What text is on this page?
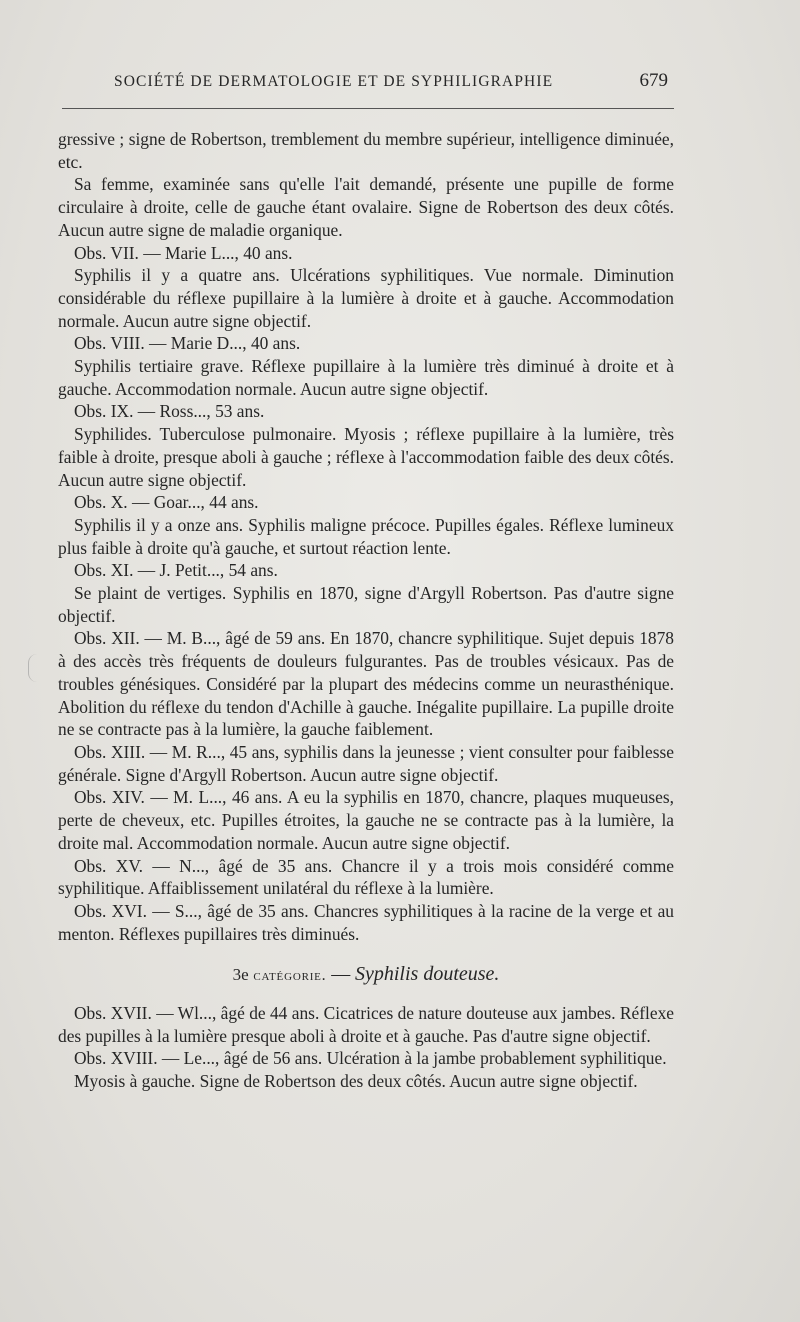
SOCIÉTÉ DE DERMATOLOGIE ET DE SYPHILIGRAPHIE	679

gressive ; signe de Robertson, tremblement du membre supérieur, intelligence diminuée, etc.

Sa femme, examinée sans qu'elle l'ait demandé, présente une pupille de forme circulaire à droite, celle de gauche étant ovalaire. Signe de Robertson des deux côtés. Aucun autre signe de maladie organique.

Obs. VII. — Marie L..., 40 ans.

Syphilis il y a quatre ans. Ulcérations syphilitiques. Vue normale. Diminution considérable du réflexe pupillaire à la lumière à droite et à gauche. Accommodation normale. Aucun autre signe objectif.

Obs. VIII. — Marie D..., 40 ans.

Syphilis tertiaire grave. Réflexe pupillaire à la lumière très diminué à droite et à gauche. Accommodation normale. Aucun autre signe objectif.

Obs. IX. — Ross..., 53 ans.

Syphilides. Tuberculose pulmonaire. Myosis ; réflexe pupillaire à la lumière, très faible à droite, presque aboli à gauche ; réflexe à l'accommodation faible des deux côtés. Aucun autre signe objectif.

Obs. X. — Goar..., 44 ans.

Syphilis il y a onze ans. Syphilis maligne précoce. Pupilles égales. Réflexe lumineux plus faible à droite qu'à gauche, et surtout réaction lente.

Obs. XI. — J. Petit..., 54 ans.

Se plaint de vertiges. Syphilis en 1870, signe d'Argyll Robertson. Pas d'autre signe objectif.

Obs. XII. — M. B..., âgé de 59 ans. En 1870, chancre syphilitique. Sujet depuis 1878 à des accès très fréquents de douleurs fulgurantes. Pas de troubles vésicaux. Pas de troubles génésiques. Considéré par la plupart des médecins comme un neurasthénique. Abolition du réflexe du tendon d'Achille à gauche. Inégalite pupillaire. La pupille droite ne se contracte pas à la lumière, la gauche faiblement.

Obs. XIII. — M. R..., 45 ans, syphilis dans la jeunesse ; vient consulter pour faiblesse générale. Signe d'Argyll Robertson. Aucun autre signe objectif.

Obs. XIV. — M. L..., 46 ans. A eu la syphilis en 1870, chancre, plaques muqueuses, perte de cheveux, etc. Pupilles étroites, la gauche ne se contracte pas à la lumière, la droite mal. Accommodation normale. Aucun autre signe objectif.

Obs. XV. — N..., âgé de 35 ans. Chancre il y a trois mois considéré comme syphilitique. Affaiblissement unilatéral du réflexe à la lumière.

Obs. XVI. — S..., âgé de 35 ans. Chancres syphilitiques à la racine de la verge et au menton. Réflexes pupillaires très diminués.

3e catégorie. — Syphilis douteuse.

Obs. XVII. — Wl..., âgé de 44 ans. Cicatrices de nature douteuse aux jambes. Réflexe des pupilles à la lumière presque aboli à droite et à gauche. Pas d'autre signe objectif.

Obs. XVIII. — Le..., âgé de 56 ans. Ulcération à la jambe probablement syphilitique.

Myosis à gauche. Signe de Robertson des deux côtés. Aucun autre signe objectif.
